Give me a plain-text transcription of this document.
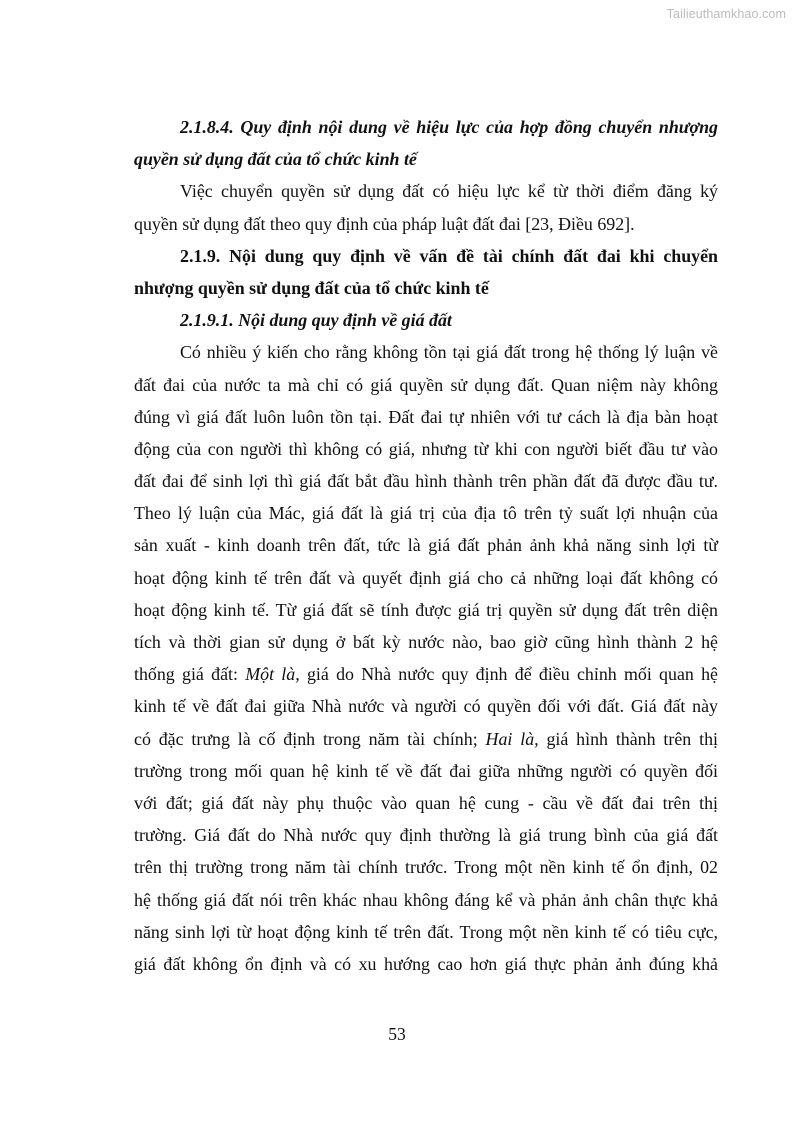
Tailieuthamkhao.com
2.1.8.4. Quy định nội dung về hiệu lực của hợp đồng chuyển nhượng
quyền sử dụng đất của tổ chức kinh tế
Việc chuyển quyền sử dụng đất có hiệu lực kể từ thời điểm đăng ký
quyền sử dụng đất theo quy định của pháp luật đất đai [23, Điều 692].
2.1.9. Nội dung quy định về vấn đề tài chính đất đai khi chuyển
nhượng quyền sử dụng đất của tổ chức kinh tế
2.1.9.1. Nội dung quy định về giá đất
Có nhiều ý kiến cho rằng không tồn tại giá đất trong hệ thống lý luận về
đất đai của nước ta mà chỉ có giá quyền sử dụng đất. Quan niệm này không
đúng vì giá đất luôn luôn tồn tại. Đất đai tự nhiên với tư cách là địa bàn hoạt
động của con người thì không có giá, nhưng từ khi con người biết đầu tư vào
đất đai để sinh lợi thì giá đất bắt đầu hình thành trên phần đất đã được đầu tư.
Theo lý luận của Mác, giá đất là giá trị của địa tô trên tỷ suất lợi nhuận của
sản xuất - kinh doanh trên đất, tức là giá đất phản ảnh khả năng sinh lợi từ
hoạt động kinh tế trên đất và quyết định giá cho cả những loại đất không có
hoạt động kinh tế. Từ giá đất sẽ tính được giá trị quyền sử dụng đất trên diện
tích và thời gian sử dụng ở bất kỳ nước nào, bao giờ cũng hình thành 2 hệ
thống giá đất: Một là, giá do Nhà nước quy định để điều chỉnh mối quan hệ
kinh tế về đất đai giữa Nhà nước và người có quyền đối với đất. Giá đất này
có đặc trưng là cố định trong năm tài chính; Hai là, giá hình thành trên thị
trường trong mối quan hệ kinh tế về đất đai giữa những người có quyền đối
với đất; giá đất này phụ thuộc vào quan hệ cung - cầu về đất đai trên thị
trường. Giá đất do Nhà nước quy định thường là giá trung bình của giá đất
trên thị trường trong năm tài chính trước. Trong một nền kinh tế ổn định, 02
hệ thống giá đất nói trên khác nhau không đáng kể và phản ảnh chân thực khả
năng sinh lợi từ hoạt động kinh tế trên đất. Trong một nền kinh tế có tiêu cực,
giá đất không ổn định và có xu hướng cao hơn giá thực phản ảnh đúng khả
53
